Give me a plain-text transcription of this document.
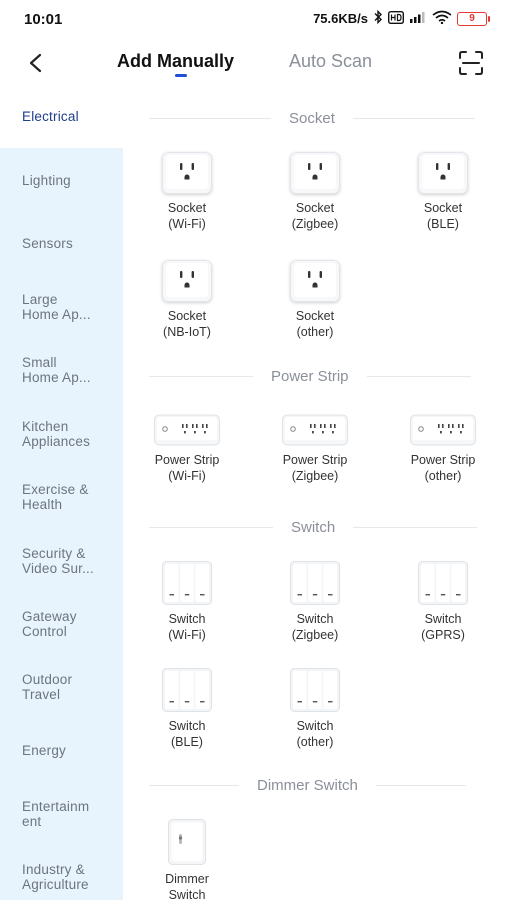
10:01	75.6KB/s	9
Add Manually	Auto Scan
Electrical
Lighting
Sensors
Large
Home Ap...
Small
Home Ap...
Kitchen
Appliances
Exercise &
Health
Security &
Video Sur...
Gateway
Control
Outdoor
Travel
Energy
Entertainm
ent
Industry &
Agriculture
Socket
Socket
(Wi-Fi)
Socket
(Zigbee)
Socket
(BLE)
Socket
(NB-IoT)
Socket
(other)
Power Strip
Power Strip
(Wi-Fi)
Power Strip
(Zigbee)
Power Strip
(other)
Switch
Switch
(Wi-Fi)
Switch
(Zigbee)
Switch
(GPRS)
Switch
(BLE)
Switch
(other)
Dimmer Switch
Dimmer
Switch
